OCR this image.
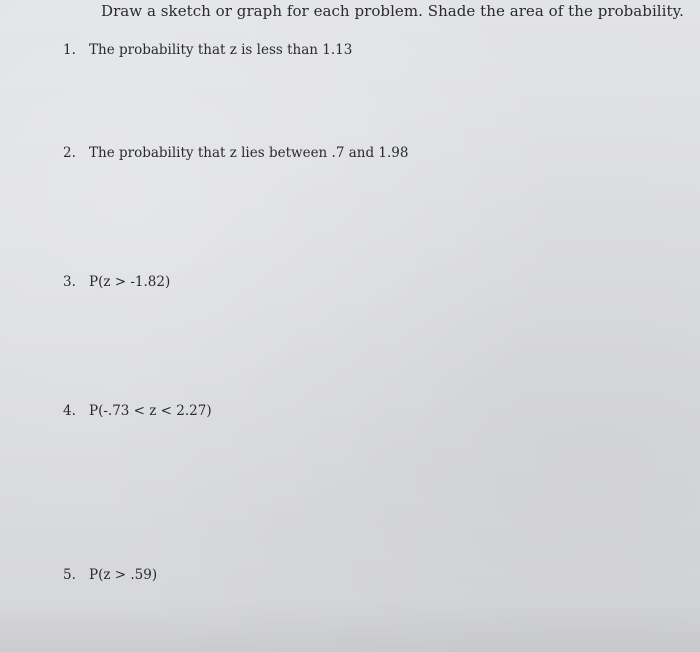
Draw a sketch or graph for each problem. Shade the area of the probability.
1. The probability that z is less than 1.13
2. The probability that z lies between .7 and 1.98
3. P(z > -1.82)
4. P(-.73 < z < 2.27)
5. P(z > .59)
